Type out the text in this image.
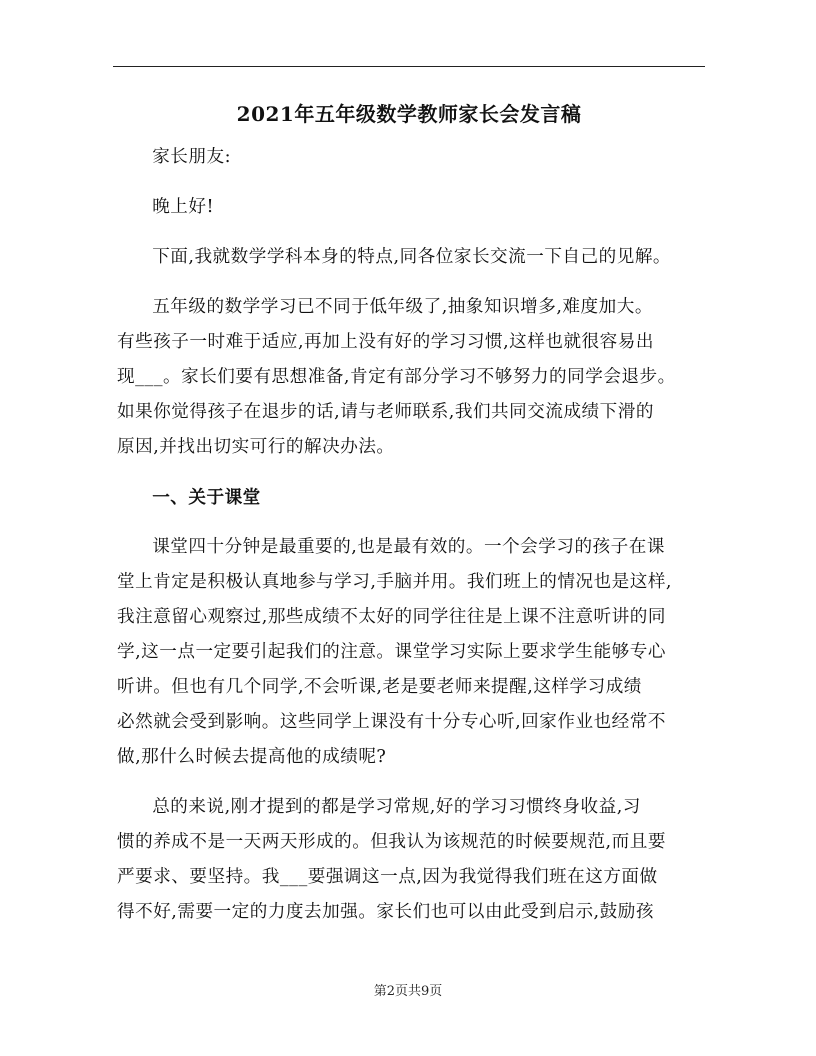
2021年五年级数学教师家长会发言稿

家长朋友:

晚上好!

下面,我就数学学科本身的特点,同各位家长交流一下自己的见解。

五年级的数学学习已不同于低年级了,抽象知识增多,难度加大。
有些孩子一时难于适应,再加上没有好的学习习惯,这样也就很容易出
现___。家长们要有思想准备,肯定有部分学习不够努力的同学会退步。
如果你觉得孩子在退步的话,请与老师联系,我们共同交流成绩下滑的
原因,并找出切实可行的解决办法。

一、关于课堂

课堂四十分钟是最重要的,也是最有效的。一个会学习的孩子在课
堂上肯定是积极认真地参与学习,手脑并用。我们班上的情况也是这样,
我注意留心观察过,那些成绩不太好的同学往往是上课不注意听讲的同
学,这一点一定要引起我们的注意。课堂学习实际上要求学生能够专心
听讲。但也有几个同学,不会听课,老是要老师来提醒,这样学习成绩
必然就会受到影响。这些同学上课没有十分专心听,回家作业也经常不
做,那什么时候去提高他的成绩呢?

总的来说,刚才提到的都是学习常规,好的学习习惯终身收益,习
惯的养成不是一天两天形成的。但我认为该规范的时候要规范,而且要
严要求、要坚持。我___要强调这一点,因为我觉得我们班在这方面做
得不好,需要一定的力度去加强。家长们也可以由此受到启示,鼓励孩

第2页共9页
